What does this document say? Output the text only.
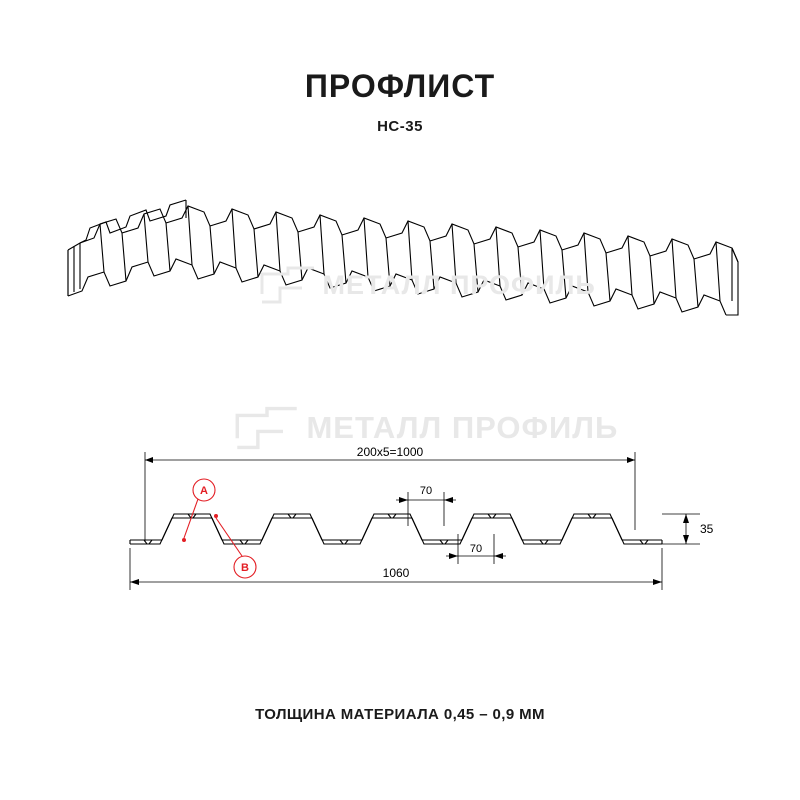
ПРОФЛИСТ
НС-35
МЕТАЛЛ ПРОФИЛЬ
МЕТАЛЛ ПРОФИЛЬ
200х5=1000
70
70
35
1060
A
B
ТОЛЩИНА МАТЕРИАЛА 0,45 – 0,9 ММ
